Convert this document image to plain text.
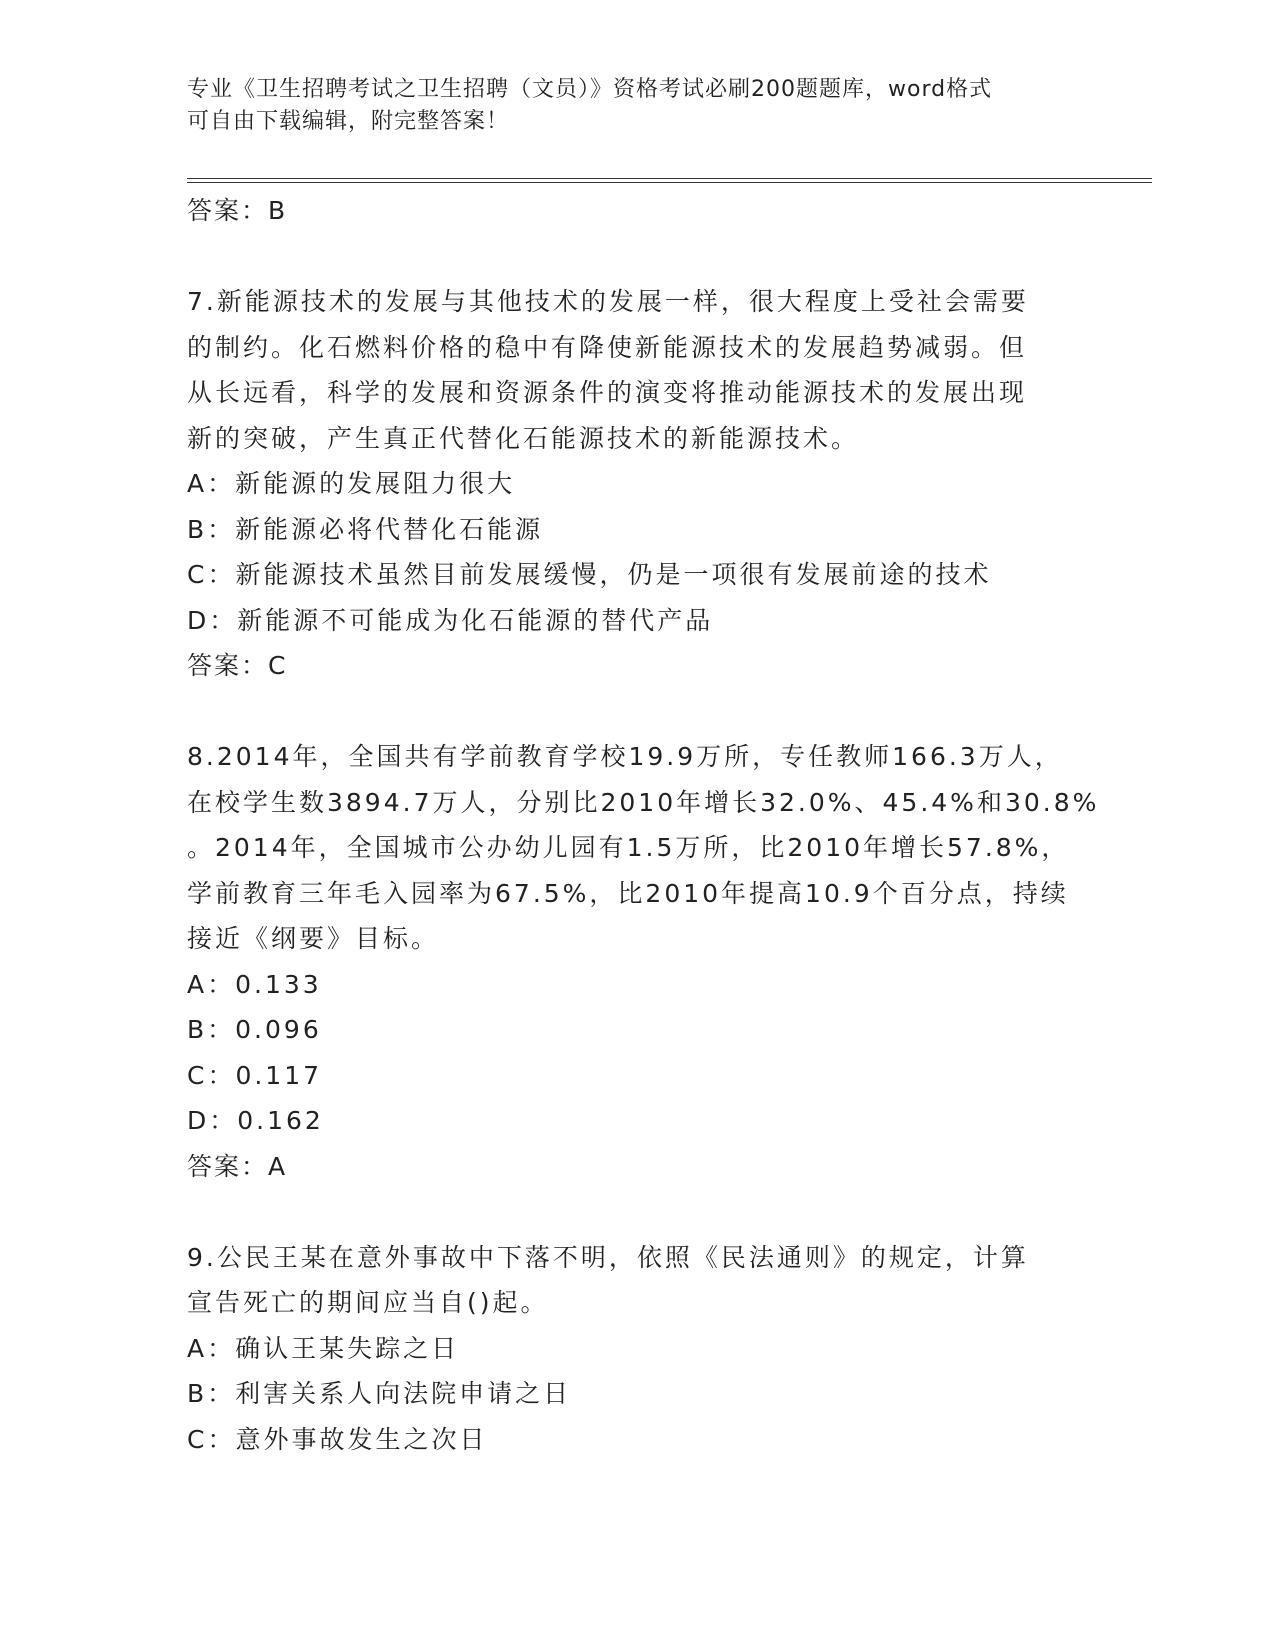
专业《卫生招聘考试之卫生招聘（文员）》资格考试必刷200题题库，word格式
可自由下载编辑，附完整答案！
答案：B
7.新能源技术的发展与其他技术的发展一样，很大程度上受社会需要
的制约。化石燃料价格的稳中有降使新能源技术的发展趋势减弱。但
从长远看，科学的发展和资源条件的演变将推动能源技术的发展出现
新的突破，产生真正代替化石能源技术的新能源技术。
A：新能源的发展阻力很大
B：新能源必将代替化石能源
C：新能源技术虽然目前发展缓慢，仍是一项很有发展前途的技术
D：新能源不可能成为化石能源的替代产品
答案：C
8.2014年，全国共有学前教育学校19.9万所，专任教师166.3万人，
在校学生数3894.7万人，分别比2010年增长32.0%、45.4%和30.8%
。2014年，全国城市公办幼儿园有1.5万所，比2010年增长57.8%，
学前教育三年毛入园率为67.5%，比2010年提高10.9个百分点，持续
接近《纲要》目标。
A：0.133
B：0.096
C：0.117
D：0.162
答案：A
9.公民王某在意外事故中下落不明，依照《民法通则》的规定，计算
宣告死亡的期间应当自()起。
A：确认王某失踪之日
B：利害关系人向法院申请之日
C：意外事故发生之次日
